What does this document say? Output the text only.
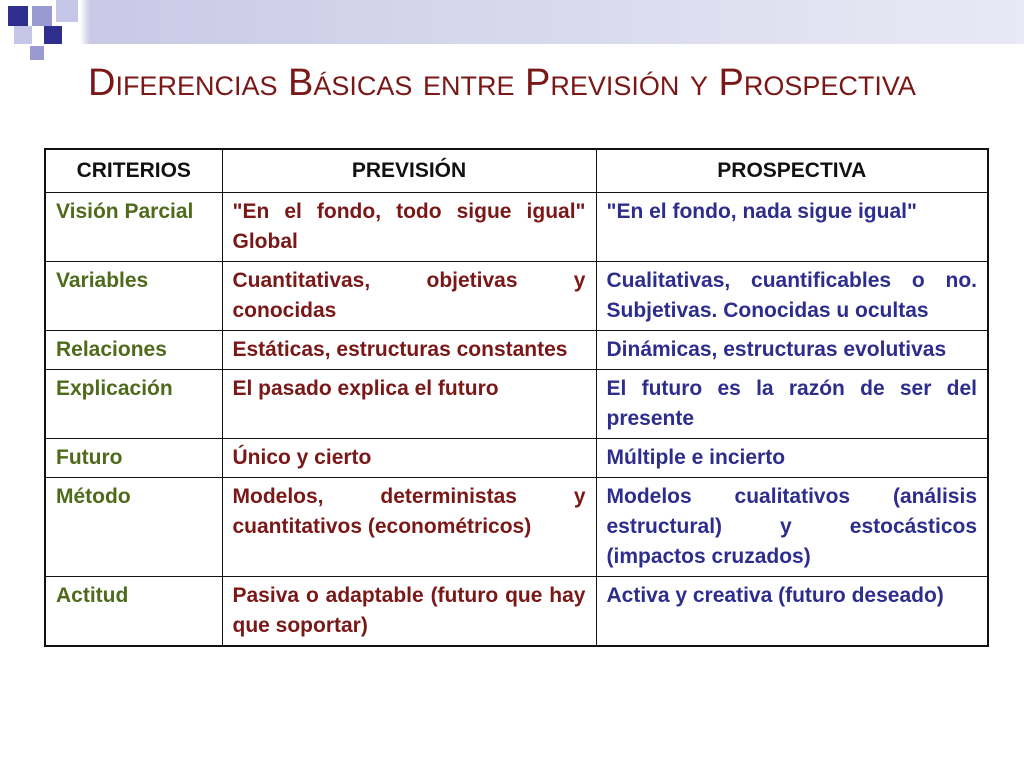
Diferencias Básicas entre Previsión y Prospectiva
CRITERIOS	PREVISIÓN	PROSPECTIVA
Visión Parcial	"En el fondo, todo sigue igual" Global	"En el fondo, nada sigue igual"
Variables	Cuantitativas, objetivas y conocidas	Cualitativas, cuantificables o no. Subjetivas. Conocidas u ocultas
Relaciones	Estáticas, estructuras constantes	Dinámicas, estructuras evolutivas
Explicación	El pasado explica el futuro	El futuro es la razón de ser del presente
Futuro	Único y cierto	Múltiple e incierto
Método	Modelos, deterministas y cuantitativos (econométricos)	Modelos cualitativos (análisis estructural) y estocásticos (impactos cruzados)
Actitud	Pasiva o adaptable (futuro que hay que soportar)	Activa y creativa (futuro deseado)
